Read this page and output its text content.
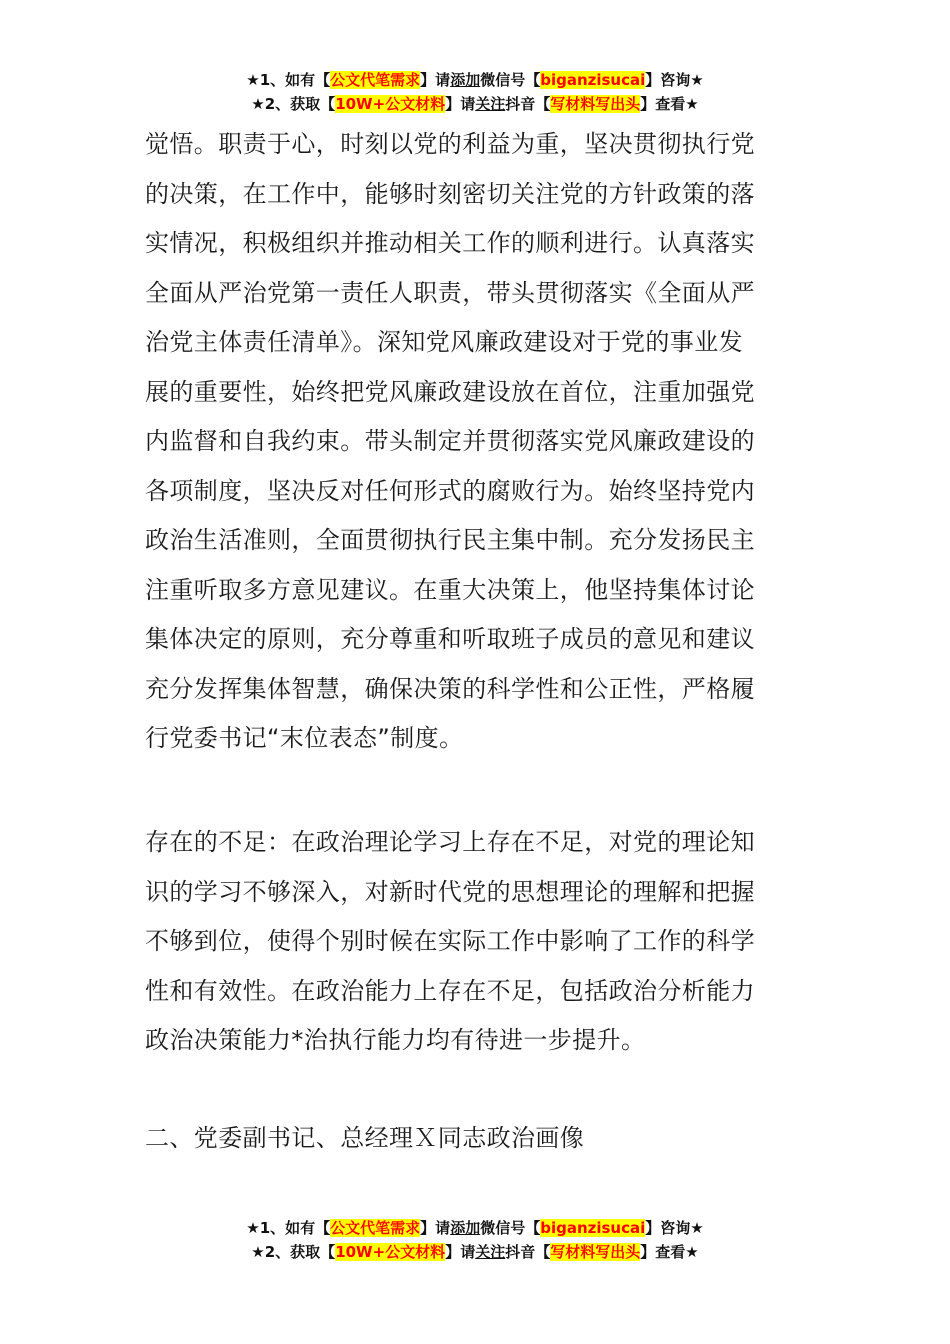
★1、如有【公文代笔需求】请添加微信号【biganzisucai】咨询★
★2、获取【10W+公文材料】请关注抖音【写材料写出头】查看★
觉悟。职责于心，时刻以党的利益为重，坚决贯彻执行党
的决策，在工作中，能够时刻密切关注党的方针政策的落
实情况，积极组织并推动相关工作的顺利进行。认真落实
全面从严治党第一责任人职责，带头贯彻落实《全面从严
治党主体责任清单》。深知党风廉政建设对于党的事业发
展的重要性，始终把党风廉政建设放在首位，注重加强党
内监督和自我约束。带头制定并贯彻落实党风廉政建设的
各项制度，坚决反对任何形式的腐败行为。始终坚持党内
政治生活准则，全面贯彻执行民主集中制。充分发扬民主
注重听取多方意见建议。在重大决策上，他坚持集体讨论
集体决定的原则，充分尊重和听取班子成员的意见和建议
充分发挥集体智慧，确保决策的科学性和公正性，严格履
行党委书记“末位表态”制度。
存在的不足：在政治理论学习上存在不足，对党的理论知
识的学习不够深入，对新时代党的思想理论的理解和把握
不够到位，使得个别时候在实际工作中影响了工作的科学
性和有效性。在政治能力上存在不足，包括政治分析能力
政治决策能力*治执行能力均有待进一步提升。
二、党委副书记、总经理Ｘ同志政治画像
★1、如有【公文代笔需求】请添加微信号【biganzisucai】咨询★
★2、获取【10W+公文材料】请关注抖音【写材料写出头】查看★
